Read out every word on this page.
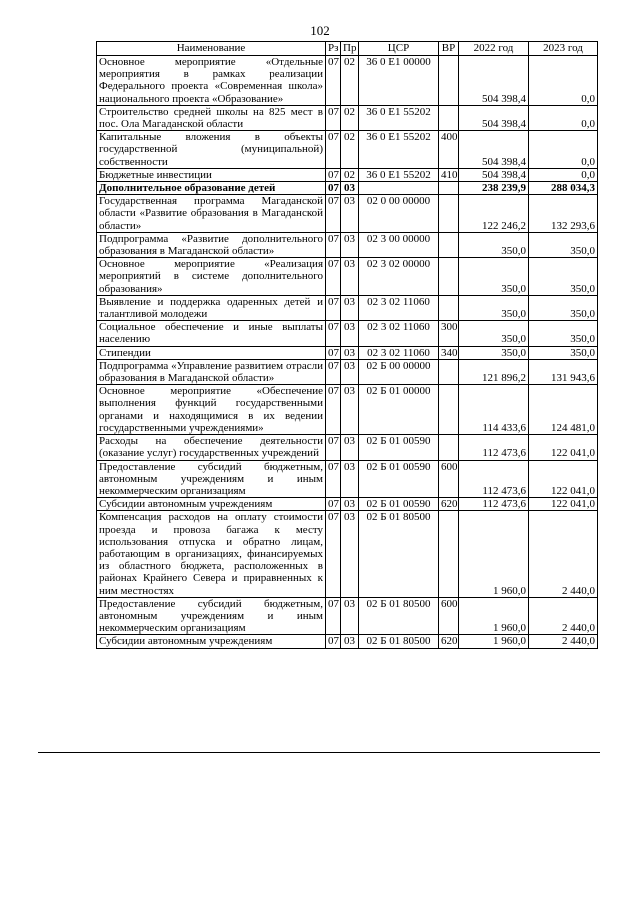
102
Наименование	Рз	Пр	ЦСР	ВР	2022 год	2023 год
Основное мероприятие «Отдельные мероприятия в рамках реализации Федерального проекта «Современная школа» национального проекта «Образование»	07	02	36 0 Е1 00000		504 398,4	0,0
Строительство средней школы на 825 мест в пос. Ола Магаданской области	07	02	36 0 Е1 55202		504 398,4	0,0
Капитальные вложения в объекты государственной (муниципальной) собственности	07	02	36 0 Е1 55202	400	504 398,4	0,0
Бюджетные инвестиции	07	02	36 0 Е1 55202	410	504 398,4	0,0
Дополнительное образование детей	07	03			238 239,9	288 034,3
Государственная программа Магаданской области «Развитие образования в Магаданской области»	07	03	02 0 00 00000		122 246,2	132 293,6
Подпрограмма «Развитие дополнительного образования в Магаданской области»	07	03	02 3 00 00000		350,0	350,0
Основное мероприятие «Реализация мероприятий в системе дополнительного образования»	07	03	02 3 02 00000		350,0	350,0
Выявление и поддержка одаренных детей и талантливой молодежи	07	03	02 3 02 11060		350,0	350,0
Социальное обеспечение и иные выплаты населению	07	03	02 3 02 11060	300	350,0	350,0
Стипендии	07	03	02 3 02 11060	340	350,0	350,0
Подпрограмма «Управление развитием отрасли образования в Магаданской области»	07	03	02 Б 00 00000		121 896,2	131 943,6
Основное мероприятие «Обеспечение выполнения функций государственными органами и находящимися в их ведении государственными учреждениями»	07	03	02 Б 01 00000		114 433,6	124 481,0
Расходы на обеспечение деятельности (оказание услуг) государственных учреждений	07	03	02 Б 01 00590		112 473,6	122 041,0
Предоставление субсидий бюджетным, автономным учреждениям и иным некоммерческим организациям	07	03	02 Б 01 00590	600	112 473,6	122 041,0
Субсидии автономным учреждениям	07	03	02 Б 01 00590	620	112 473,6	122 041,0
Компенсация расходов на оплату стоимости проезда и провоза багажа к месту использования отпуска и обратно лицам, работающим в организациях, финансируемых из областного бюджета, расположенных в районах Крайнего Севера и приравненных к ним местностях	07	03	02 Б 01 80500		1 960,0	2 440,0
Предоставление субсидий бюджетным, автономным учреждениям и иным некоммерческим организациям	07	03	02 Б 01 80500	600	1 960,0	2 440,0
Субсидии автономным учреждениям	07	03	02 Б 01 80500	620	1 960,0	2 440,0
